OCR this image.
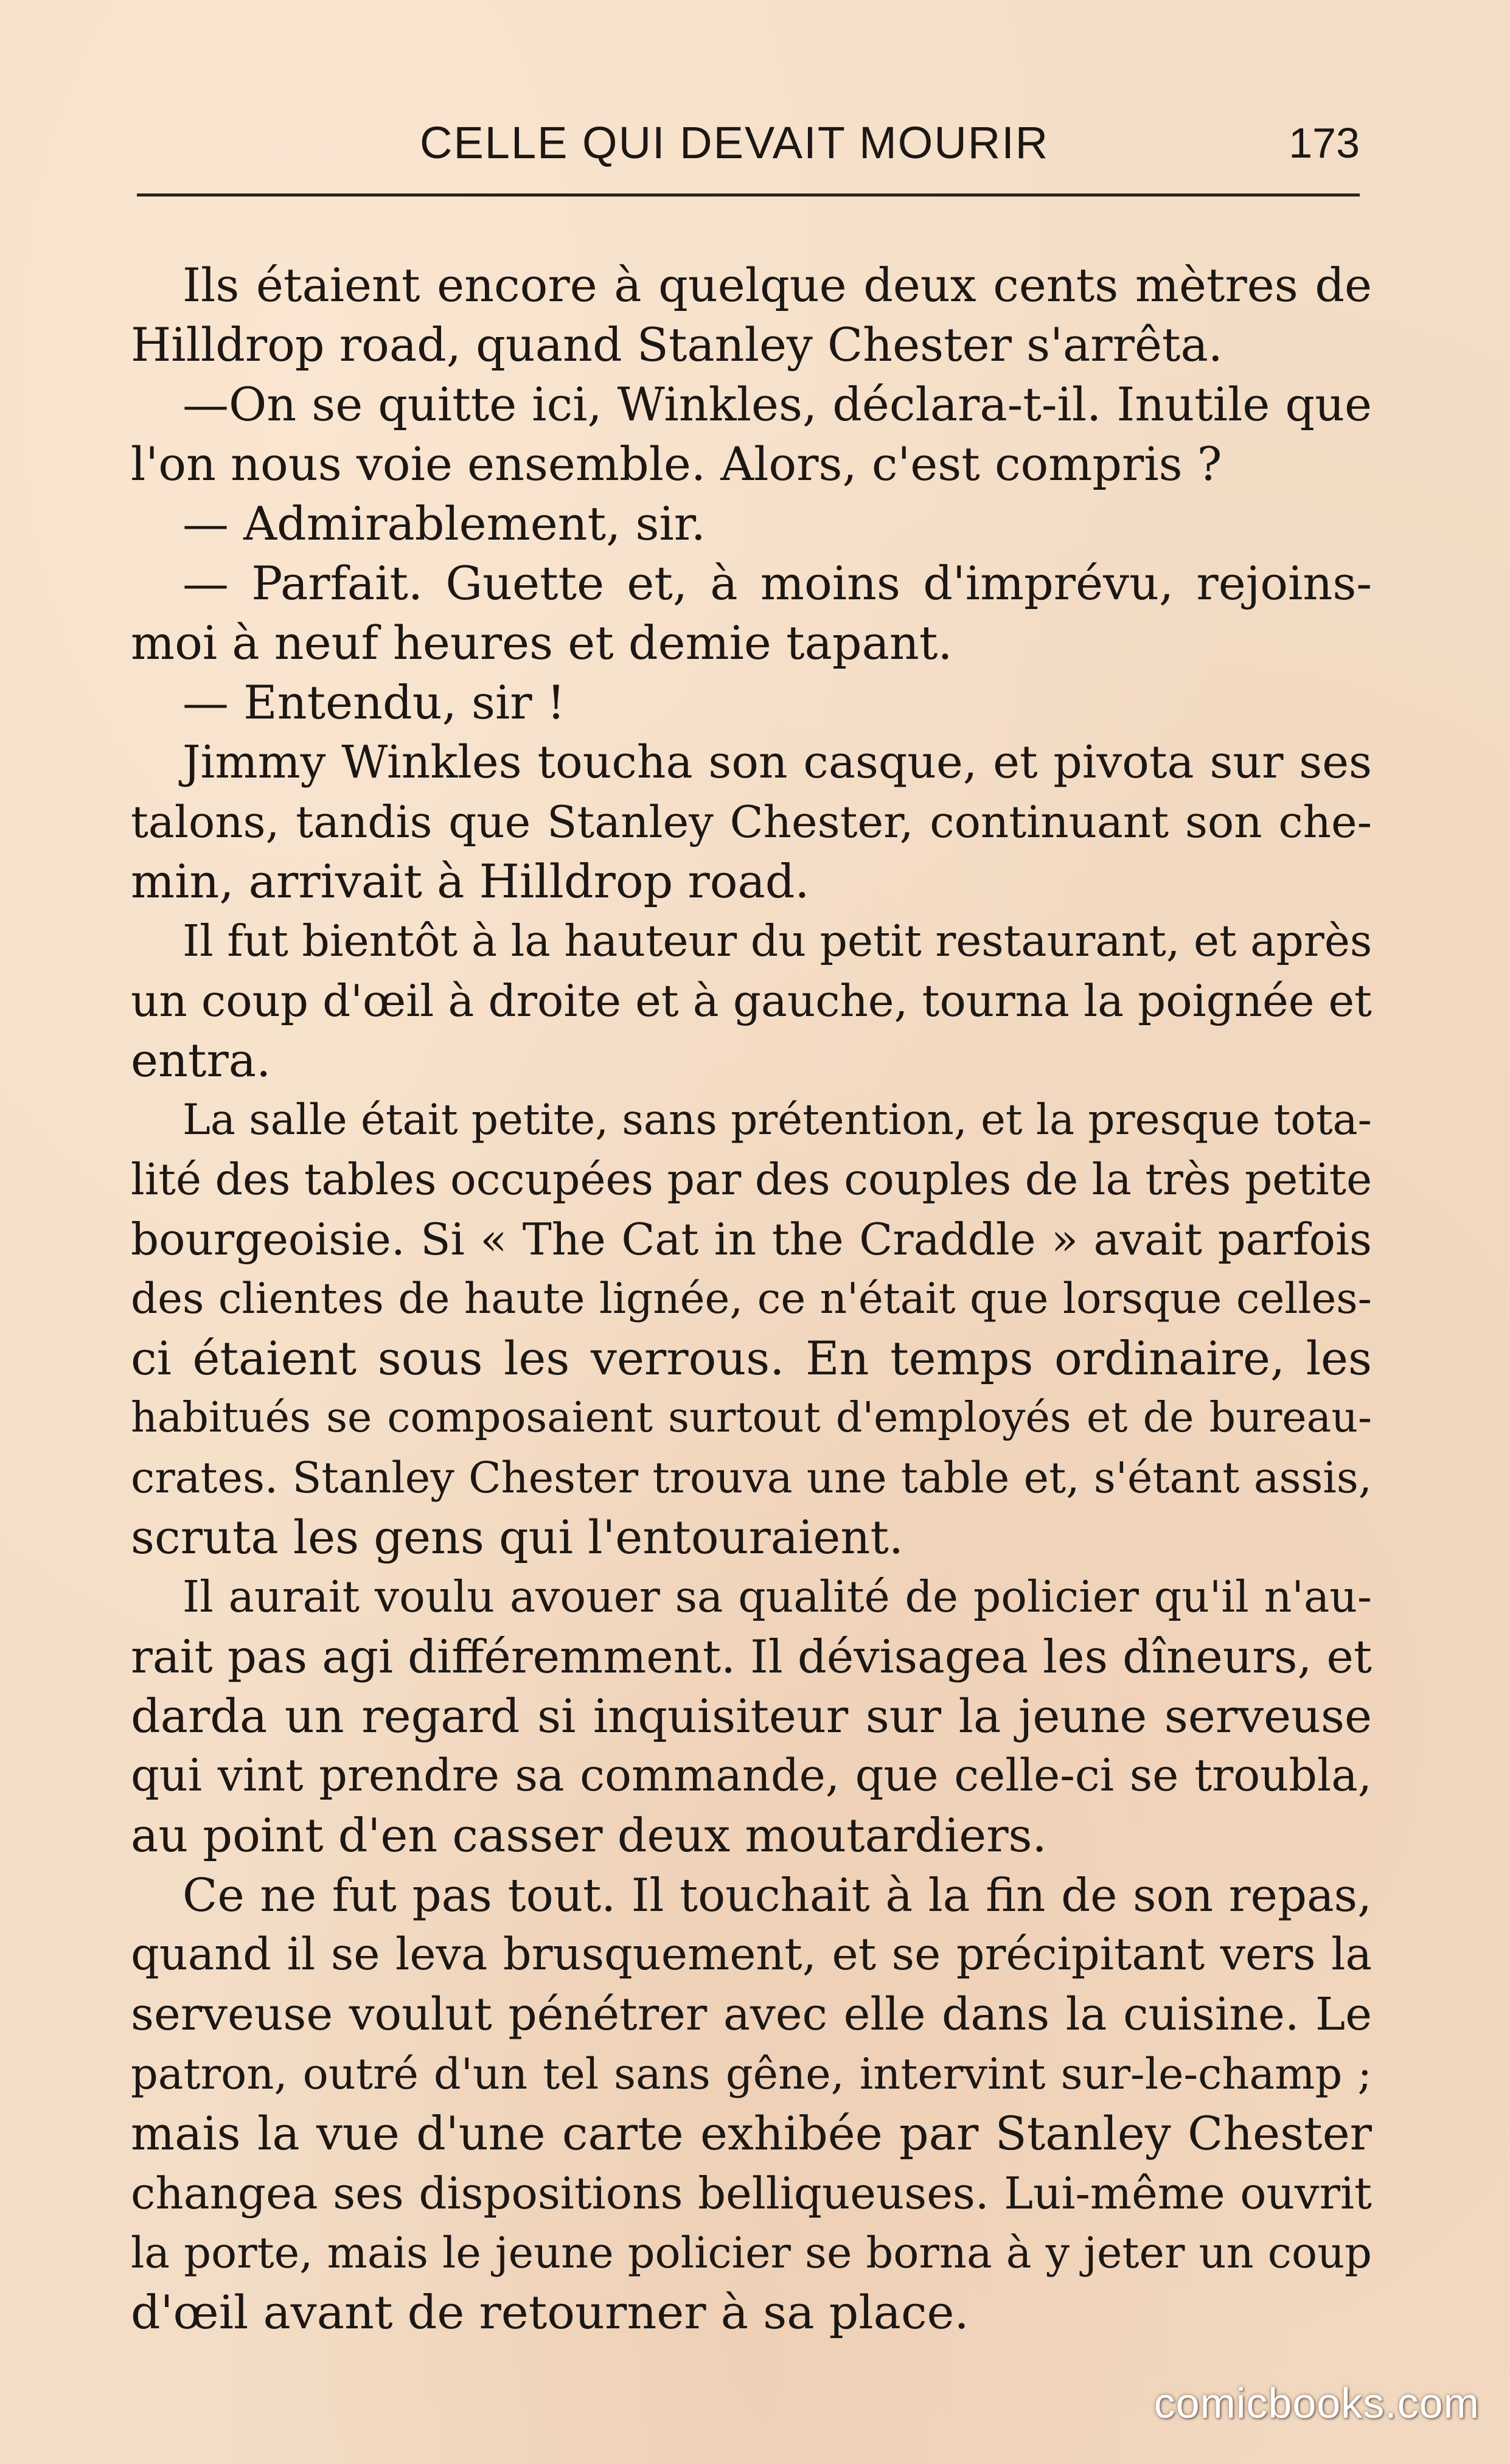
CELLE QUI DEVAIT MOURIR	173
Ils étaient encore à quelque deux cents mètres de
Hilldrop road, quand Stanley Chester s'arrêta.
—On se quitte ici, Winkles, déclara-t-il. Inutile que
l'on nous voie ensemble. Alors, c'est compris ?
— Admirablement, sir.
— Parfait. Guette et, à moins d'imprévu, rejoins-
moi à neuf heures et demie tapant.
— Entendu, sir !
Jimmy Winkles toucha son casque, et pivota sur ses
talons, tandis que Stanley Chester, continuant son che-
min, arrivait à Hilldrop road.
Il fut bientôt à la hauteur du petit restaurant, et après
un coup d'œil à droite et à gauche, tourna la poignée et
entra.
La salle était petite, sans prétention, et la presque tota-
lité des tables occupées par des couples de la très petite
bourgeoisie. Si « The Cat in the Craddle » avait parfois
des clientes de haute lignée, ce n'était que lorsque celles-
ci étaient sous les verrous. En temps ordinaire, les
habitués se composaient surtout d'employés et de bureau-
crates. Stanley Chester trouva une table et, s'étant assis,
scruta les gens qui l'entouraient.
Il aurait voulu avouer sa qualité de policier qu'il n'au-
rait pas agi différemment. Il dévisagea les dîneurs, et
darda un regard si inquisiteur sur la jeune serveuse
qui vint prendre sa commande, que celle-ci se troubla,
au point d'en casser deux moutardiers.
Ce ne fut pas tout. Il touchait à la fin de son repas,
quand il se leva brusquement, et se précipitant vers la
serveuse voulut pénétrer avec elle dans la cuisine. Le
patron, outré d'un tel sans gêne, intervint sur-le-champ ;
mais la vue d'une carte exhibée par Stanley Chester
changea ses dispositions belliqueuses. Lui-même ouvrit
la porte, mais le jeune policier se borna à y jeter un coup
d'œil avant de retourner à sa place.
comicbooks.com
